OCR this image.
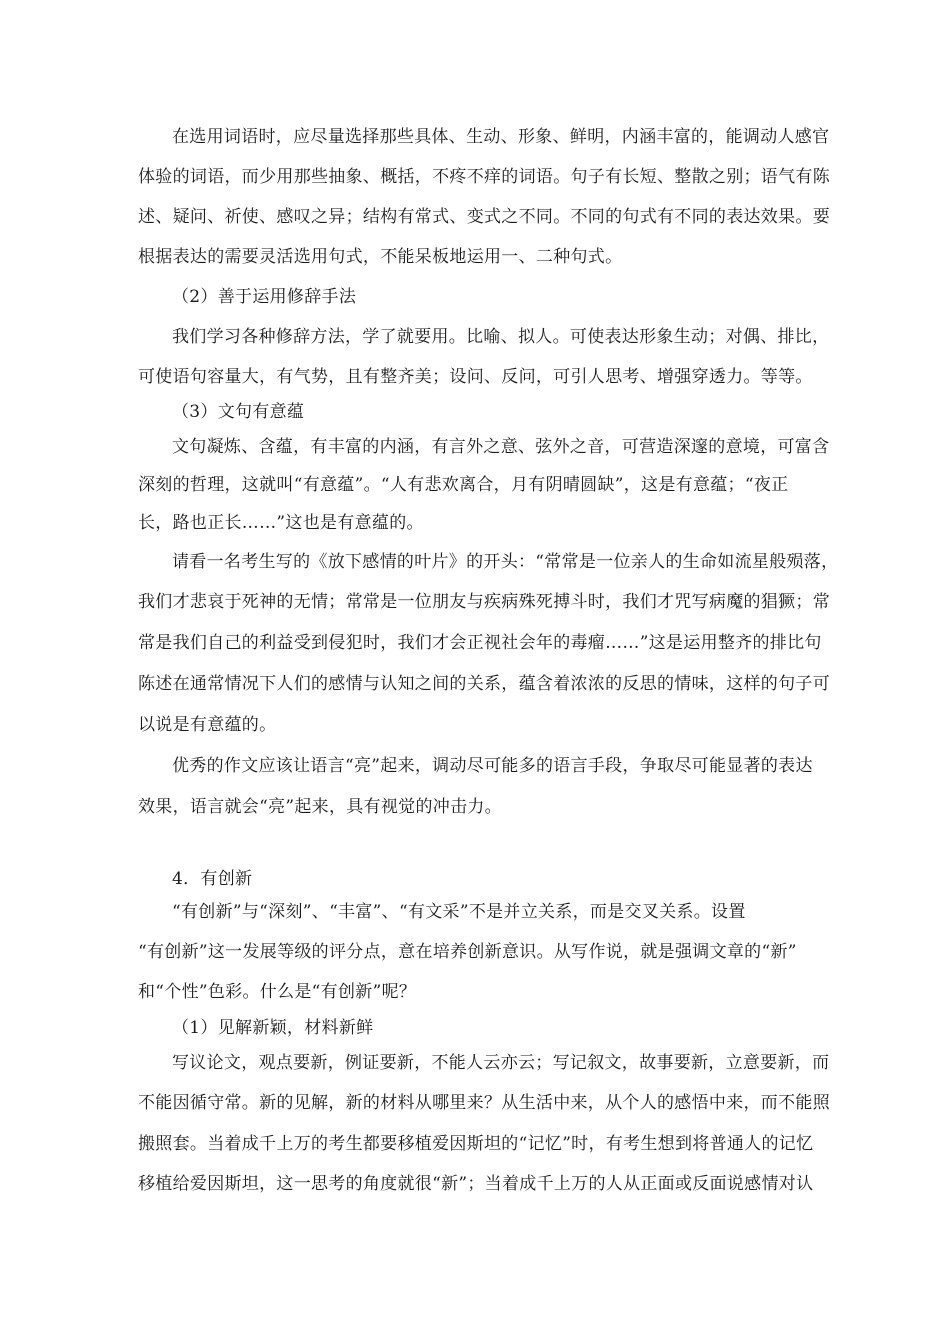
在选用词语时，应尽量选择那些具体、生动、形象、鲜明，内涵丰富的，能调动人感官
体验的词语，而少用那些抽象、概括，不疼不痒的词语。句子有长短、整散之别；语气有陈
述、疑问、祈使、感叹之异；结构有常式、变式之不同。不同的句式有不同的表达效果。要
根据表达的需要灵活选用句式，不能呆板地运用一、二种句式。
（2）善于运用修辞手法
我们学习各种修辞方法，学了就要用。比喻、拟人。可使表达形象生动；对偶、排比，
可使语句容量大，有气势，且有整齐美；设问、反问，可引人思考、增强穿透力。等等。
（3）文句有意蕴
文句凝炼、含蕴，有丰富的内涵，有言外之意、弦外之音，可营造深邃的意境，可富含
深刻的哲理，这就叫“有意蕴”。“人有悲欢离合，月有阴晴圆缺”，这是有意蕴；“夜正
长，路也正长……”这也是有意蕴的。
请看一名考生写的《放下感情的叶片》的开头：“常常是一位亲人的生命如流星般殒落，
我们才悲哀于死神的无情；常常是一位朋友与疾病殊死搏斗时，我们才咒写病魔的猖獗；常
常是我们自己的利益受到侵犯时，我们才会正视社会年的毒瘤……”这是运用整齐的排比句
陈述在通常情况下人们的感情与认知之间的关系，蕴含着浓浓的反思的情味，这样的句子可
以说是有意蕴的。
优秀的作文应该让语言“亮”起来，调动尽可能多的语言手段，争取尽可能显著的表达
效果，语言就会“亮”起来，具有视觉的冲击力。
4．有创新
“有创新”与“深刻”、“丰富”、“有文采”不是并立关系，而是交叉关系。设置
“有创新”这一发展等级的评分点，意在培养创新意识。从写作说，就是强调文章的“新”
和“个性”色彩。什么是“有创新”呢？
（1）见解新颖，材料新鲜
写议论文，观点要新，例证要新，不能人云亦云；写记叙文，故事要新，立意要新，而
不能因循守常。新的见解，新的材料从哪里来？从生活中来，从个人的感悟中来，而不能照
搬照套。当着成千上万的考生都要移植爱因斯坦的“记忆”时，有考生想到将普通人的记忆
移植给爱因斯坦，这一思考的角度就很“新”；当着成千上万的人从正面或反面说感情对认
